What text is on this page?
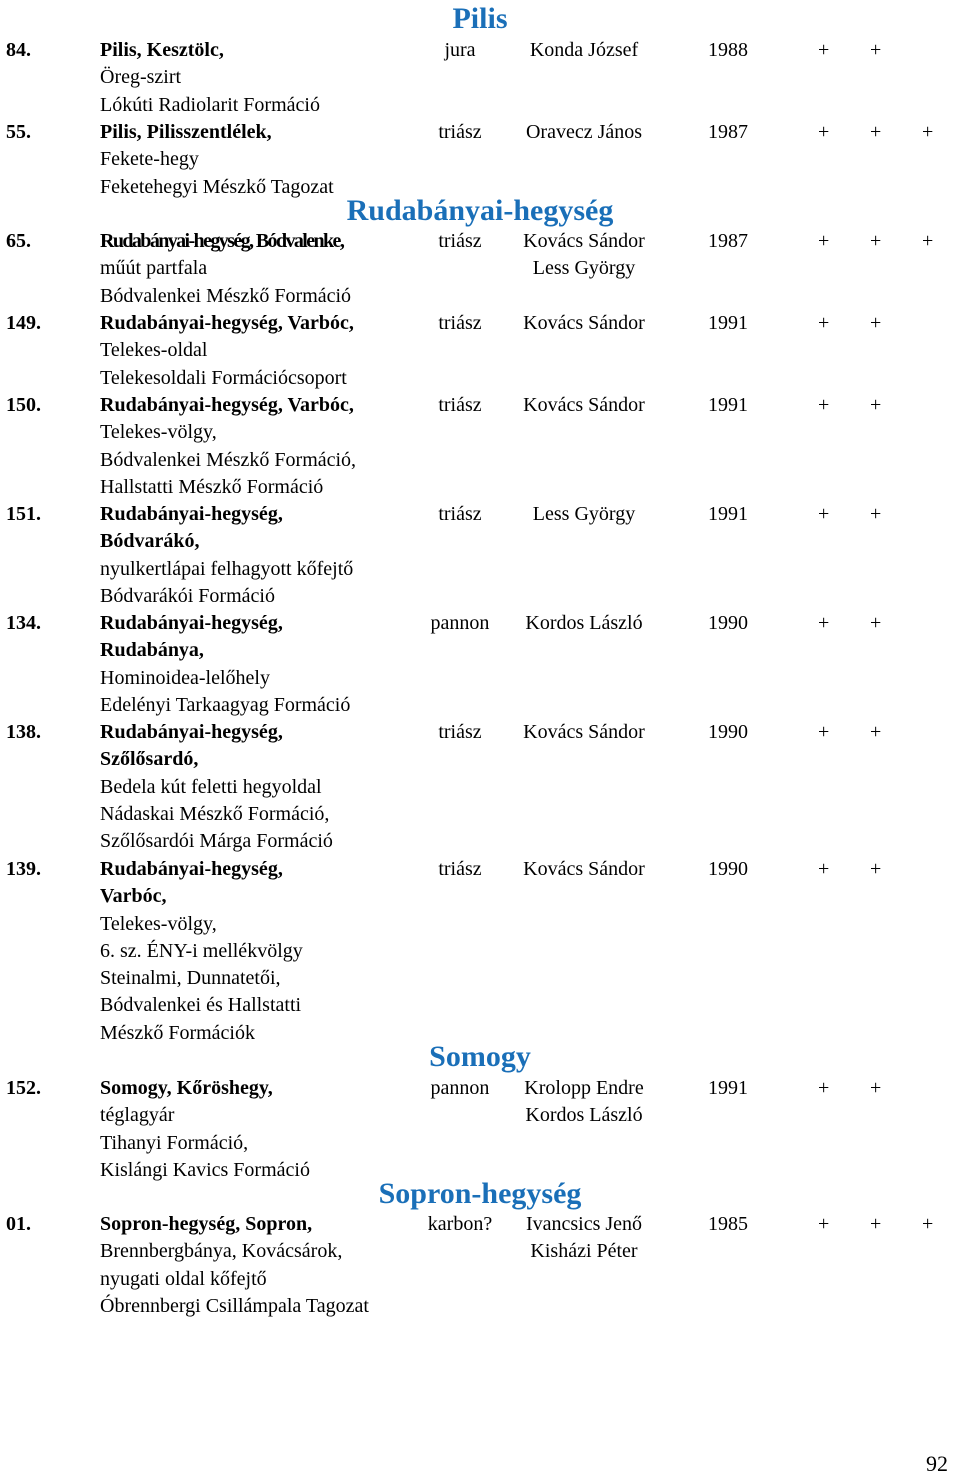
Pilis
84.	Pilis, Kesztölc,
Öreg-szirt
Lókúti Radiolarit Formáció
jura	Konda József	1988	+ +
55.	Pilis, Pilisszentlélek,
Fekete-hegy
Feketehegyi Mészkő Tagozat
triász	Oravecz János	1987	+ + +
Rudabányai-hegység
65.	Rudabányai-hegység, Bódvalenke,
műút partfala
Bódvalenkei Mészkő Formáció
triász	Kovács Sándor
Less György
1987	+ + +
149.	Rudabányai-hegység, Varbóc,
Telekes-oldal
Telekesoldali Formációcsoport
triász	Kovács Sándor	1991	+ +
150.	Rudabányai-hegység, Varbóc,
Telekes-völgy,
Bódvalenkei Mészkő Formáció,
Hallstatti Mészkő Formáció
triász	Kovács Sándor	1991	+ +
151.	Rudabányai-hegység,
Bódvarákó,
nyulkertlápai felhagyott kőfejtő
Bódvarákói Formáció
triász	Less György	1991	+ +
134.	Rudabányai-hegység,
Rudabánya,
Hominoidea-lelőhely
Edelényi Tarkaagyag Formáció
pannon	Kordos László	1990	+ +
138.	Rudabányai-hegység,
Szőlősardó,
Bedela kút feletti hegyoldal
Nádaskai Mészkő Formáció,
Szőlősardói Márga Formáció
triász	Kovács Sándor	1990	+ +
139.	Rudabányai-hegység,
Varbóc,
Telekes-völgy,
6. sz. ÉNY-i mellékvölgy
Steinalmi, Dunnatetői,
Bódvalenkei és Hallstatti
Mészkő Formációk
triász	Kovács Sándor	1990	+ +
Somogy
152.	Somogy, Kőröshegy,
téglagyár
Tihanyi Formáció,
Kislángi Kavics Formáció
pannon	Krolopp Endre
Kordos László
1991	+ +
Sopron-hegység
01.	Sopron-hegység, Sopron,
Brennbergbánya, Kovácsárok,
nyugati oldal kőfejtő
Óbrennbergi Csillámpala Tagozat
karbon?	Ivancsics Jenő
Kisházi Péter
1985	+ + +
92
